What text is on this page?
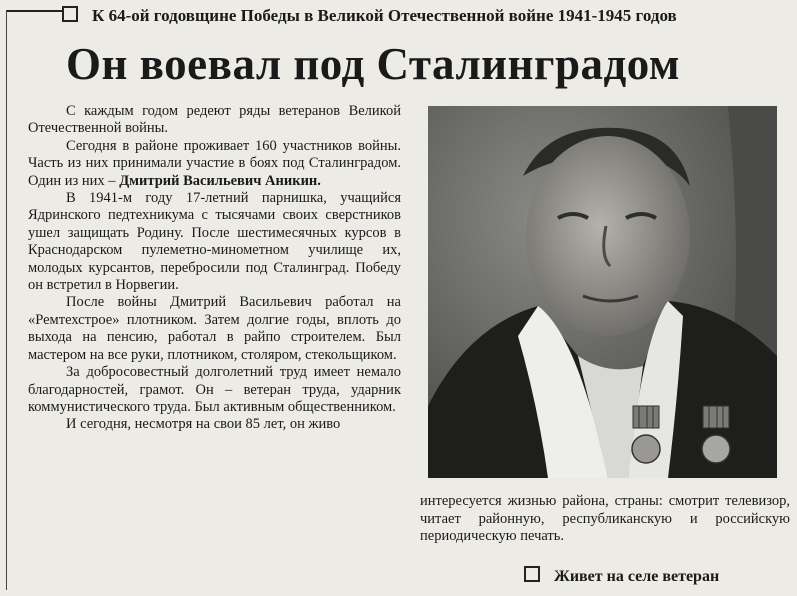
К 64-ой годовщине Победы в Великой Отечественной войне 1941-1945 годов
Он воевал под Сталинградом

С каждым годом редеют ряды ветеранов Великой Отечественной войны.

Сегодня в районе проживает 160 участников войны. Часть из них принимали участие в боях под Сталинградом. Один из них – Дмитрий Васильевич Аникин.

В 1941-м году 17-летний парнишка, учащийся Ядринского педтехникума с тысячами своих сверстников ушел защищать Родину. После шестимесячных курсов в Краснодарском пулеметно-минометном училище их, молодых курсантов, перебросили под Сталинград. Победу он встретил в Норвегии.

После войны Дмитрий Васильевич работал на «Ремтехстрое» плотником. Затем долгие годы, вплоть до выхода на пенсию, работал в райпо строителем. Был мастером на все руки, плотником, столяром, стекольщиком.

За добросовестный долголетний труд имеет немало благодарностей, грамот. Он – ветеран труда, ударник коммунистического труда. Был активным общественником.

И сегодня, несмотря на свои 85 лет, он живо

интересуется жизнью района, страны: смотрит телевизор, читает районную, республиканскую и российскую периодическую печать.

Живет на селе ветеран
